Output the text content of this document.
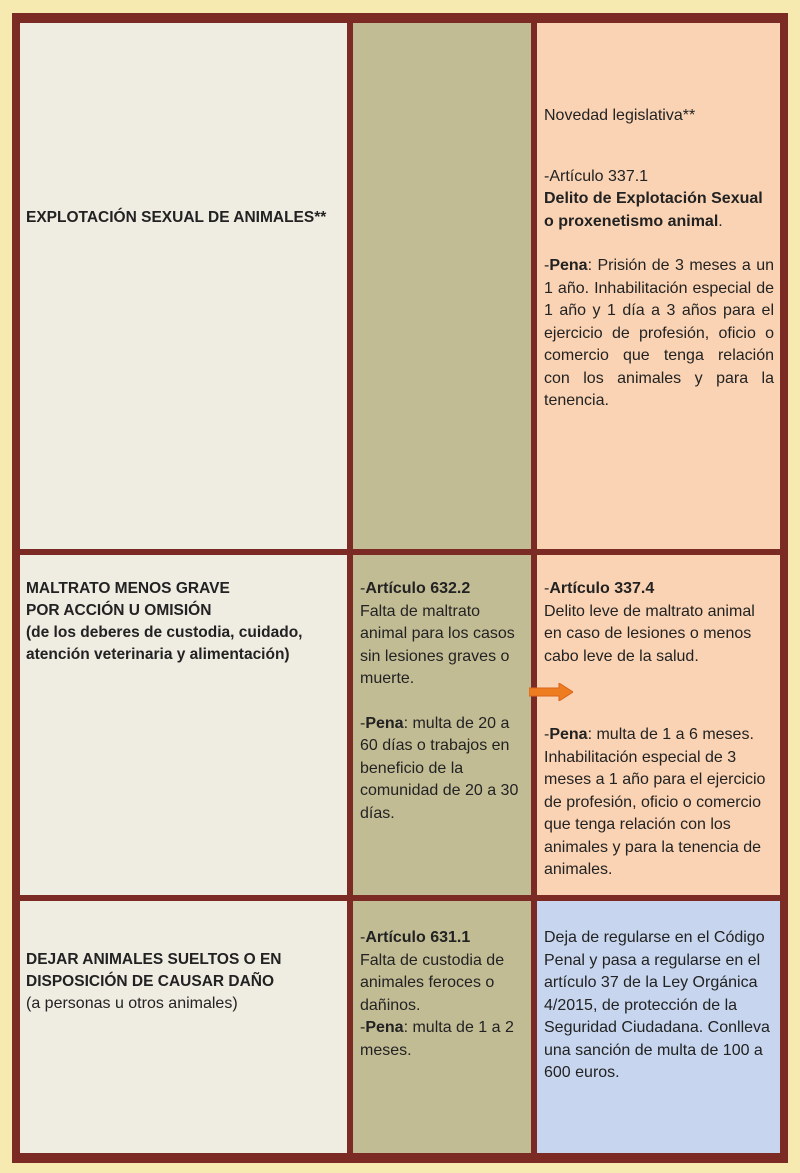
EXPLOTACIÓN SEXUAL DE ANIMALES**
Novedad legislativa**
-Artículo 337.1
Delito de Explotación Sexual o proxenetismo animal.
-Pena: Prisión de 3 meses a un 1 año. Inhabilitación especial de 1 año y 1 día a 3 años para el ejercicio de profesión, oficio o comercio que tenga relación con los animales y para la tenencia.
MALTRATO MENOS GRAVE
POR ACCIÓN U OMISIÓN
(de los deberes de custodia, cuidado, atención veterinaria y alimentación)
-Artículo 632.2
Falta de maltrato animal para los casos sin lesiones graves o muerte.
-Pena: multa de 20 a 60 días o trabajos en beneficio de la comunidad de 20 a 30 días.
-Artículo 337.4
Delito leve de maltrato animal en caso de lesiones o menos cabo leve de la salud.
-Pena: multa de 1 a 6 meses. Inhabilitación especial de 3 meses a 1 año para el ejercicio de profesión, oficio o comercio que tenga relación con los animales y para la tenencia de animales.
DEJAR ANIMALES SUELTOS O EN DISPOSICIÓN DE CAUSAR DAÑO
(a personas u otros animales)
-Artículo 631.1
Falta de custodia de animales feroces o dañinos.
-Pena: multa de 1 a 2 meses.
Deja de regularse en el Código Penal y pasa a regularse en el artículo 37 de la Ley Orgánica 4/2015, de protección de la Seguridad Ciudadana. Conlleva una sanción de multa de 100 a 600 euros.
